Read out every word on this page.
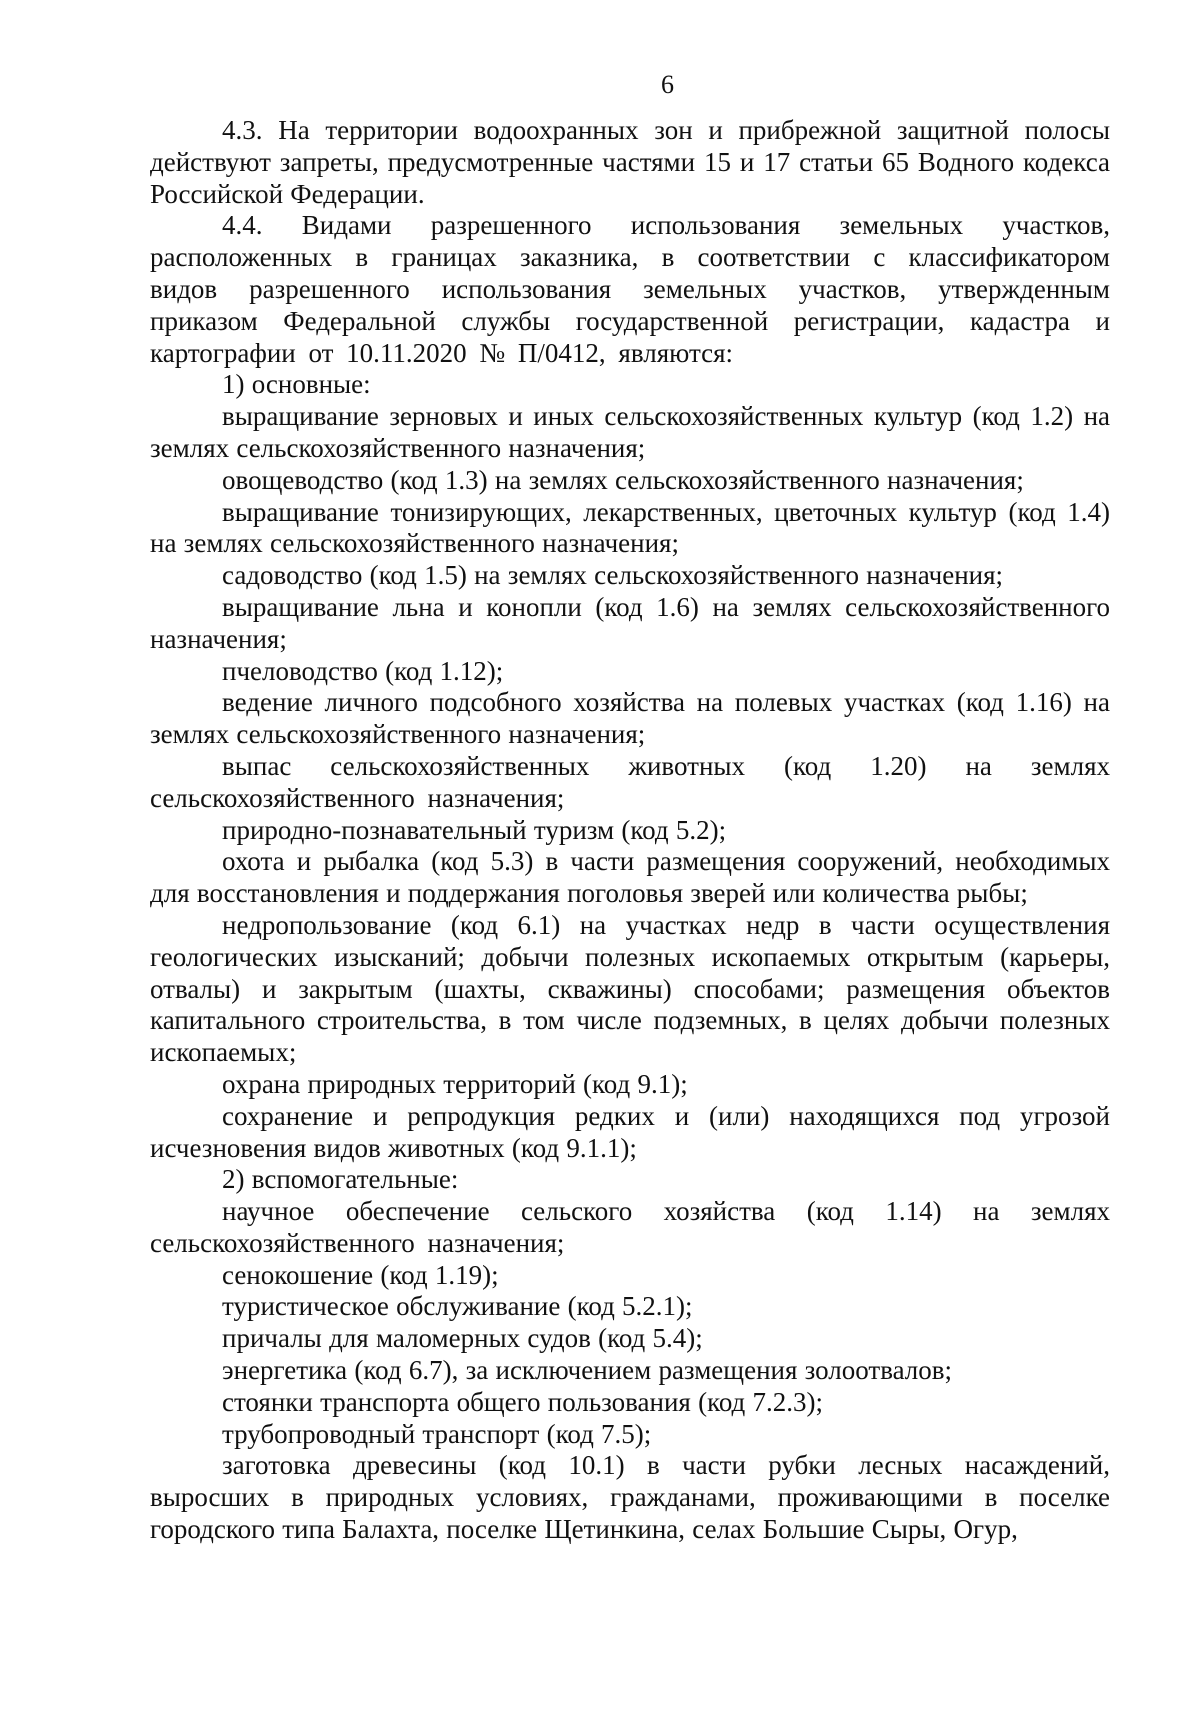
6

4.3. На территории водоохранных зон и прибрежной защитной полосы действуют запреты, предусмотренные частями 15 и 17 статьи 65 Водного кодекса Российской Федерации.

4.4. Видами разрешенного использования земельных участков, расположенных в границах заказника, в соответствии с классификатором видов разрешенного использования земельных участков, утвержденным приказом Федеральной службы государственной регистрации, кадастра и картографии от 10.11.2020 № П/0412, являются:

1) основные:

выращивание зерновых и иных сельскохозяйственных культур (код 1.2) на землях сельскохозяйственного назначения;

овощеводство (код 1.3) на землях сельскохозяйственного назначения;

выращивание тонизирующих, лекарственных, цветочных культур (код 1.4) на землях сельскохозяйственного назначения;

садоводство (код 1.5) на землях сельскохозяйственного назначения;

выращивание льна и конопли (код 1.6) на землях сельскохозяйственного назначения;

пчеловодство (код 1.12);

ведение личного подсобного хозяйства на полевых участках (код 1.16) на землях сельскохозяйственного назначения;

выпас сельскохозяйственных животных (код 1.20) на землях сельскохозяйственного назначения;

природно-познавательный туризм (код 5.2);

охота и рыбалка (код 5.3) в части размещения сооружений, необходимых для восстановления и поддержания поголовья зверей или количества рыбы;

недропользование (код 6.1) на участках недр в части осуществления геологических изысканий; добычи полезных ископаемых открытым (карьеры, отвалы) и закрытым (шахты, скважины) способами; размещения объектов капитального строительства, в том числе подземных, в целях добычи полезных ископаемых;

охрана природных территорий (код 9.1);

сохранение и репродукция редких и (или) находящихся под угрозой исчезновения видов животных (код 9.1.1);

2) вспомогательные:

научное обеспечение сельского хозяйства (код 1.14) на землях сельскохозяйственного назначения;

сенокошение (код 1.19);

туристическое обслуживание (код 5.2.1);

причалы для маломерных судов (код 5.4);

энергетика (код 6.7), за исключением размещения золоотвалов;

стоянки транспорта общего пользования (код 7.2.3);

трубопроводный транспорт (код 7.5);

заготовка древесины (код 10.1) в части рубки лесных насаждений, выросших в природных условиях, гражданами, проживающими в поселке городского типа Балахта, поселке Щетинкина, селах Большие Сыры, Огур,
